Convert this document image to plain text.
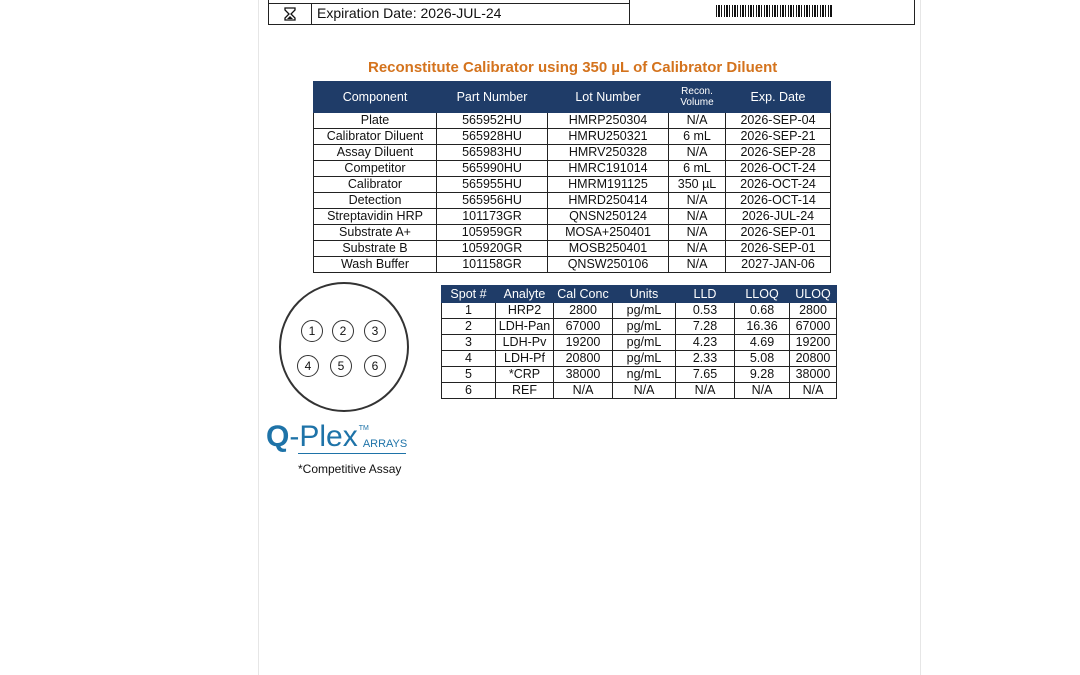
Expiration Date: 2026-JUL-24
Reconstitute Calibrator using 350 µL of Calibrator Diluent
Component	Part Number	Lot Number	Recon. Volume	Exp. Date
Plate	565952HU	HMRP250304	N/A	2026-SEP-04
Calibrator Diluent	565928HU	HMRU250321	6 mL	2026-SEP-21
Assay Diluent	565983HU	HMRV250328	N/A	2026-SEP-28
Competitor	565990HU	HMRC191014	6 mL	2026-OCT-24
Calibrator	565955HU	HMRM191125	350 µL	2026-OCT-24
Detection	565956HU	HMRD250414	N/A	2026-OCT-14
Streptavidin HRP	101173GR	QNSN250124	N/A	2026-JUL-24
Substrate A+	105959GR	MOSA+250401	N/A	2026-SEP-01
Substrate B	105920GR	MOSB250401	N/A	2026-SEP-01
Wash Buffer	101158GR	QNSW250106	N/A	2027-JAN-06
1	2	3
4	5	6
Spot #	Analyte	Cal Conc	Units	LLD	LLOQ	ULOQ
1	HRP2	2800	pg/mL	0.53	0.68	2800
2	LDH-Pan	67000	pg/mL	7.28	16.36	67000
3	LDH-Pv	19200	pg/mL	4.23	4.69	19200
4	LDH-Pf	20800	pg/mL	2.33	5.08	20800
5	*CRP	38000	ng/mL	7.65	9.28	38000
6	REF	N/A	N/A	N/A	N/A	N/A
Q -Plex TM
ARRAYS
*Competitive Assay
